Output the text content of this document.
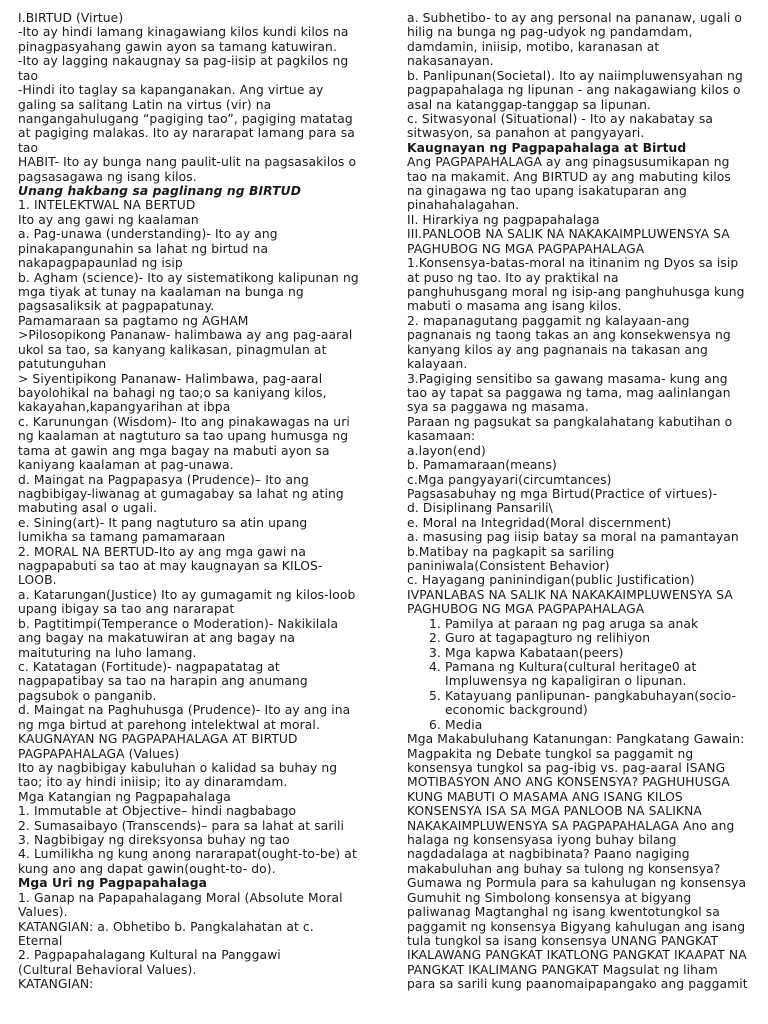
I.BIRTUD (Virtue)
-Ito ay hindi lamang kinagawiang kilos kundi kilos na
pinagpasyahang gawin ayon sa tamang katuwiran.
-Ito ay lagging nakaugnay sa pag-iisip at pagkilos ng
tao
-Hindi ito taglay sa kapanganakan. Ang virtue ay
galing sa salitang Latin na virtus (vir) na
nangangahulugang “pagiging tao”, pagiging matatag
at pagiging malakas. Ito ay nararapat lamang para sa
tao
HABIT- Ito ay bunga nang paulit-ulit na pagsasakilos o
pagsasagawa ng isang kilos.
Unang hakbang sa paglinang ng BIRTUD
1. INTELEKTWAL NA BERTUD
Ito ay ang gawi ng kaalaman
a. Pag-unawa (understanding)- Ito ay ang
pinakapangunahin sa lahat ng birtud na
nakapagpapaunlad ng isip
b. Agham (science)- Ito ay sistematikong kalipunan ng
mga tiyak at tunay na kaalaman na bunga ng
pagsasaliksik at pagpapatunay.
Pamamaraan sa pagtamo ng AGHAM
>Pilosopikong Pananaw- halimbawa ay ang pag-aaral
ukol sa tao, sa kanyang kalikasan, pinagmulan at
patutunguhan
> Siyentipikong Pananaw- Halimbawa, pag-aaral
bayolohikal na bahagi ng tao;o sa kaniyang kilos,
kakayahan,kapangyarihan at ibpa
c. Karunungan (Wisdom)- Ito ang pinakawagas na uri
ng kaalaman at nagtuturo sa tao upang humusga ng
tama at gawin ang mga bagay na mabuti ayon sa
kaniyang kaalaman at pag-unawa.
d. Maingat na Pagpapasya (Prudence)– Ito ang
nagbibigay-liwanag at gumagabay sa lahat ng ating
mabuting asal o ugali.
e. Sining(art)- It pang nagtuturo sa atin upang
lumikha sa tamang pamamaraan
2. MORAL NA BERTUD-Ito ay ang mga gawi na
nagpapabuti sa tao at may kaugnayan sa KILOS-
LOOB.
a. Katarungan(Justice) Ito ay gumagamit ng kilos-loob
upang ibigay sa tao ang nararapat
b. Pagtitimpi(Temperance o Moderation)- Nakikilala
ang bagay na makatuwiran at ang bagay na
maituturing na luho lamang.
c. Katatagan (Fortitude)- nagpapatatag at
nagpapatibay sa tao na harapin ang anumang
pagsubok o panganib.
d. Maingat na Paghuhusga (Prudence)- Ito ay ang ina
ng mga birtud at parehong intelektwal at moral.
KAUGNAYAN NG PAGPAPAHALAGA AT BIRTUD
PAGPAPAHALAGA (Values)
Ito ay nagbibigay kabuluhan o kalidad sa buhay ng
tao; ito ay hindi iniisip; ito ay dinaramdam.
Mga Katangian ng Pagpapahalaga
1. Immutable at Objective– hindi nagbabago
2. Sumasaibayo (Transcends)– para sa lahat at sarili
3. Nagbibigay ng direksyonsa buhay ng tao
4. Lumilikha ng kung anong nararapat(ought-to-be) at
kung ano ang dapat gawin(ought-to- do).
Mga Uri ng Pagpapahalaga
1. Ganap na Papapahalagang Moral (Absolute Moral
Values).
KATANGIAN: a. Obhetibo b. Pangkalahatan at c.
Eternal
2. Pagpapahalagang Kultural na Panggawi
(Cultural Behavioral Values).
KATANGIAN:
a. Subhetibo- to ay ang personal na pananaw, ugali o
hilig na bunga ng pag-udyok ng pandamdam,
damdamin, iniisip, motibo, karanasan at
nakasanayan.
b. Panlipunan(Societal). Ito ay naiimpluwensyahan ng
pagpapahalaga ng lipunan - ang nakagawiang kilos o
asal na katanggap-tanggap sa lipunan.
c. Sitwasyonal (Situational) - Ito ay nakabatay sa
sitwasyon, sa panahon at pangyayari.
Kaugnayan ng Pagpapahalaga at Birtud
Ang PAGPAPAHALAGA ay ang pinagsusumikapan ng
tao na makamit. Ang BIRTUD ay ang mabuting kilos
na ginagawa ng tao upang isakatuparan ang
pinahahalagahan.
II. Hirarkiya ng pagpapahalaga
III.PANLOOB NA SALIK NA NAKAKAIMPLUWENSYA SA
PAGHUBOG NG MGA PAGPAPAHALAGA
1.Konsensya-batas-moral na itinanim ng Dyos sa isip
at puso ng tao. Ito ay praktikal na
panghuhusgang moral ng isip-ang panghuhusga kung
mabuti o masama ang isang kilos.
2. mapanagutang paggamit ng kalayaan-ang
pagnanais ng taong takas an ang konsekwensya ng
kanyang kilos ay ang pagnanais na takasan ang
kalayaan.
3.Pagiging sensitibo sa gawang masama- kung ang
tao ay tapat sa paggawa ng tama, mag aalinlangan
sya sa paggawa ng masama.
Paraan ng pagsukat sa pangkalahatang kabutihan o
kasamaan:
a.layon(end)
b. Pamamaraan(means)
c.Mga pangyayari(circumtances)
Pagsasabuhay ng mga Birtud(Practice of virtues)-
d. Disiplinang Pansarili\
e. Moral na Integridad(Moral discernment)
a. masusing pag iisip batay sa moral na pamantayan
b.Matibay na pagkapit sa sariling
paniniwala(Consistent Behavior)
c. Hayagang paninindigan(public Justification)
IVPANLABAS NA SALIK NA NAKAKAIMPLUWENSYA SA
PAGHUBOG NG MGA PAGPAPAHALAGA
1. Pamilya at paraan ng pag aruga sa anak
2. Guro at tagapagturo ng relihiyon
3. Mga kapwa Kabataan(peers)
4. Pamana ng Kultura(cultural heritage0 at Impluwensya ng kapaligiran o lipunan.
5. Katayuang panlipunan- pangkabuhayan(socio-economic background)
6. Media
Mga Makabuluhang Katanungan: Pangkatang Gawain:
Magpakita ng Debate tungkol sa paggamit ng
konsensya tungkol sa pag-ibig vs. pag-aaral ISANG
MOTIBASYON ANO ANG KONSENSYA? PAGHUHUSGA
KUNG MABUTI O MASAMA ANG ISANG KILOS
KONSENSYA ISA SA MGA PANLOOB NA SALIKNA
NAKAKAIMPLUWENSYA SA PAGPAPAHALAGA Ano ang
halaga ng konsensyasa iyong buhay bilang
nagdadalaga at nagbibinata? Paano nagiging
makabuluhan ang buhay sa tulong ng konsensya?
Gumawa ng Pormula para sa kahulugan ng konsensya
Gumuhit ng Simbolong konsensya at bigyang
paliwanag Magtanghal ng isang kwentotungkol sa
paggamit ng konsensya Bigyang kahulugan ang isang
tula tungkol sa isang konsensya UNANG PANGKAT
IKALAWANG PANGKAT IKATLONG PANGKAT IKAAPAT NA
PANGKAT IKALIMANG PANGKAT Magsulat ng liham
para sa sarili kung paanomaipapangako ang paggamit
